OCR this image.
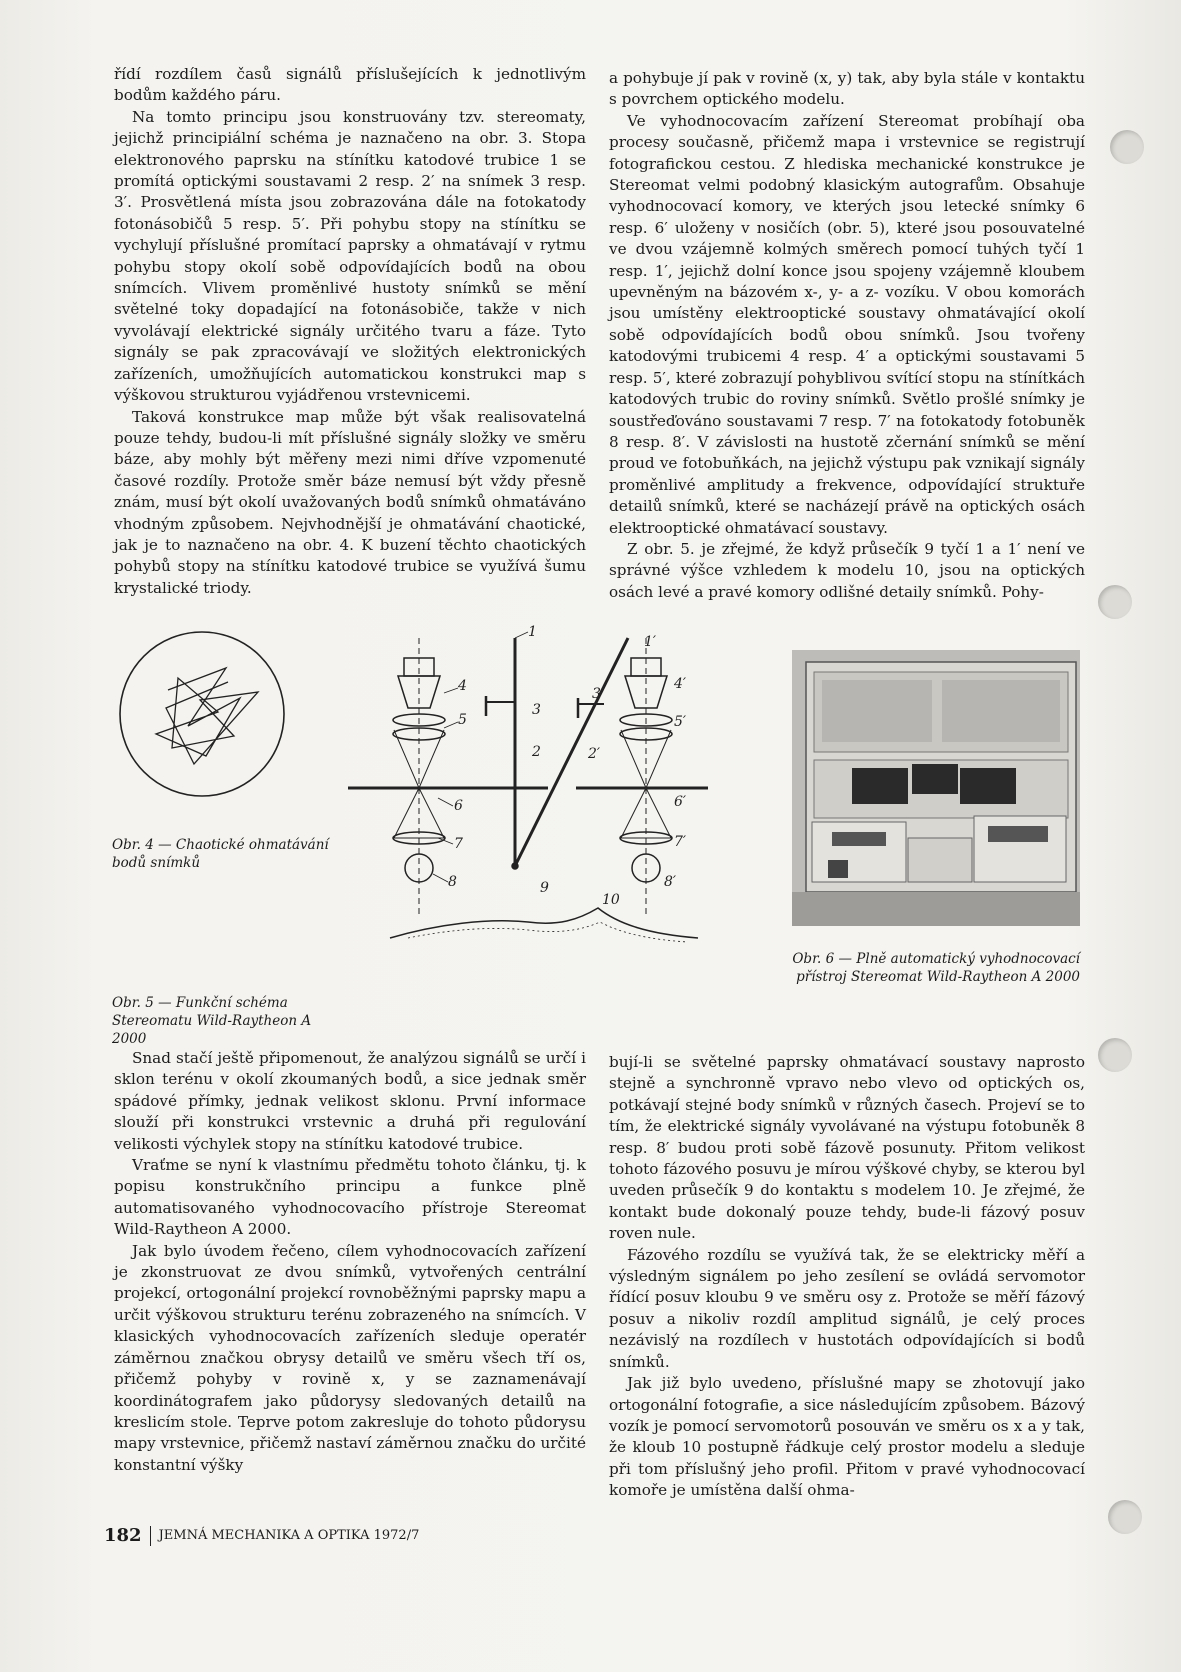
řídí rozdílem časů signálů příslušejících k jednotlivým bodům každého páru.

Na tomto principu jsou konstruovány tzv. stereomaty, jejichž principiální schéma je naznačeno na obr. 3. Stopa elektronového paprsku na stínítku katodové trubice 1 se promítá optickými soustavami 2 resp. 2′ na snímek 3 resp. 3′. Prosvětlená místa jsou zobrazována dále na fotokatody fotonásobičů 5 resp. 5′. Při pohybu stopy na stínítku se vychylují příslušné promítací paprsky a ohmatávají v rytmu pohybu stopy okolí sobě odpovídajících bodů na obou snímcích. Vlivem proměnlivé hustoty snímků se mění světelné toky dopadající na fotonásobiče, takže v nich vyvolávají elektrické signály určitého tvaru a fáze. Tyto signály se pak zpracovávají ve složitých elektronických zařízeních, umožňujících automatickou konstrukci map s výškovou strukturou vyjádřenou vrstevnicemi.

Taková konstrukce map může být však realisovatelná pouze tehdy, budou-li mít příslušné signály složky ve směru báze, aby mohly být měřeny mezi nimi dříve vzpomenuté časové rozdíly. Protože směr báze nemusí být vždy přesně znám, musí být okolí uvažovaných bodů snímků ohmatáváno vhodným způsobem. Nejvhodnější je ohmatávání chaotické, jak je to naznačeno na obr. 4. K buzení těchto chaotických pohybů stopy na stínítku katodové trubice se využívá šumu krystalické triody.

a pohybuje jí pak v rovině (x, y) tak, aby byla stále v kontaktu s povrchem optického modelu.

Ve vyhodnocovacím zařízení Stereomat probíhají oba procesy současně, přičemž mapa i vrstevnice se registrují fotografickou cestou. Z hlediska mechanické konstrukce je Stereomat velmi podobný klasickým autografům. Obsahuje vyhodnocovací komory, ve kterých jsou letecké snímky 6 resp. 6′ uloženy v nosičích (obr. 5), které jsou posouvatelné ve dvou vzájemně kolmých směrech pomocí tuhých tyčí 1 resp. 1′, jejichž dolní konce jsou spojeny vzájemně kloubem upevněným na bázovém x-, y- a z- vozíku. V obou komorách jsou umístěny elektrooptické soustavy ohmatávající okolí sobě odpovídajících bodů obou snímků. Jsou tvořeny katodovými trubicemi 4 resp. 4′ a optickými soustavami 5 resp. 5′, které zobrazují pohyblivou svítící stopu na stínítkách katodových trubic do roviny snímků. Světlo prošlé snímky je soustřeďováno soustavami 7 resp. 7′ na fotokatody fotobuněk 8 resp. 8′. V závislosti na hustotě zčernání snímků se mění proud ve fotobuňkách, na jejichž výstupu pak vznikají signály proměnlivé amplitudy a frekvence, odpovídající struktuře detailů snímků, které se nacházejí právě na optických osách elektrooptické ohmatávací soustavy.

Z obr. 5. je zřejmé, že když průsečík 9 tyčí 1 a 1′ není ve správné výšce vzhledem k modelu 10, jsou na optických osách levé a pravé komory odlišné detaily snímků. Pohy-

1
2
3
4
5
6
7
8	9
1′
2′
3′
4′
5′
6′
7′
8′
10
Obr. 4 — Chaotické ohmatávání bodů snímků
Obr. 5 — Funkční schéma Stereomatu Wild-Raytheon A 2000
Obr. 6 — Plně automatický vyhodnocovací přístroj Stereomat Wild-Raytheon A 2000

Snad stačí ještě připomenout, že analýzou signálů se určí i sklon terénu v okolí zkoumaných bodů, a sice jednak směr spádové přímky, jednak velikost sklonu. První informace slouží při konstrukci vrstevnic a druhá při regulování velikosti výchylek stopy na stínítku katodové trubice.

Vraťme se nyní k vlastnímu předmětu tohoto článku, tj. k popisu konstrukčního principu a funkce plně automatisovaného vyhodnocovacího přístroje Stereomat Wild-Raytheon A 2000.

Jak bylo úvodem řečeno, cílem vyhodnocovacích zařízení je zkonstruovat ze dvou snímků, vytvořených centrální projekcí, ortogonální projekcí rovnoběžnými paprsky mapu a určit výškovou strukturu terénu zobrazeného na snímcích. V klasických vyhodnocovacích zařízeních sleduje operatér záměrnou značkou obrysy detailů ve směru všech tří os, přičemž pohyby v rovině x, y se zaznamenávají koordinátografem jako půdorysy sledovaných detailů na kreslicím stole. Teprve potom zakresluje do tohoto půdorysu mapy vrstevnice, přičemž nastaví záměrnou značku do určité konstantní výšky

bují-li se světelné paprsky ohmatávací soustavy naprosto stejně a synchronně vpravo nebo vlevo od optických os, potkávají stejné body snímků v různých časech. Projeví se to tím, že elektrické signály vyvolávané na výstupu fotobuněk 8 resp. 8′ budou proti sobě fázově posunuty. Přitom velikost tohoto fázového posuvu je mírou výškové chyby, se kterou byl uveden průsečík 9 do kontaktu s modelem 10. Je zřejmé, že kontakt bude dokonalý pouze tehdy, bude-li fázový posuv roven nule.

Fázového rozdílu se využívá tak, že se elektricky měří a výsledným signálem po jeho zesílení se ovládá servomotor řídící posuv kloubu 9 ve směru osy z. Protože se měří fázový posuv a nikoliv rozdíl amplitud signálů, je celý proces nezávislý na rozdílech v hustotách odpovídajících si bodů snímků.

Jak již bylo uvedeno, příslušné mapy se zhotovují jako ortogonální fotografie, a sice následujícím způsobem. Bázový vozík je pomocí servomotorů posouván ve směru os x a y tak, že kloub 10 postupně řádkuje celý prostor modelu a sleduje při tom příslušný jeho profil. Přitom v pravé vyhodnocovací komoře je umístěna další ohma-

182 JEMNÁ MECHANIKA A OPTIKA 1972/7
